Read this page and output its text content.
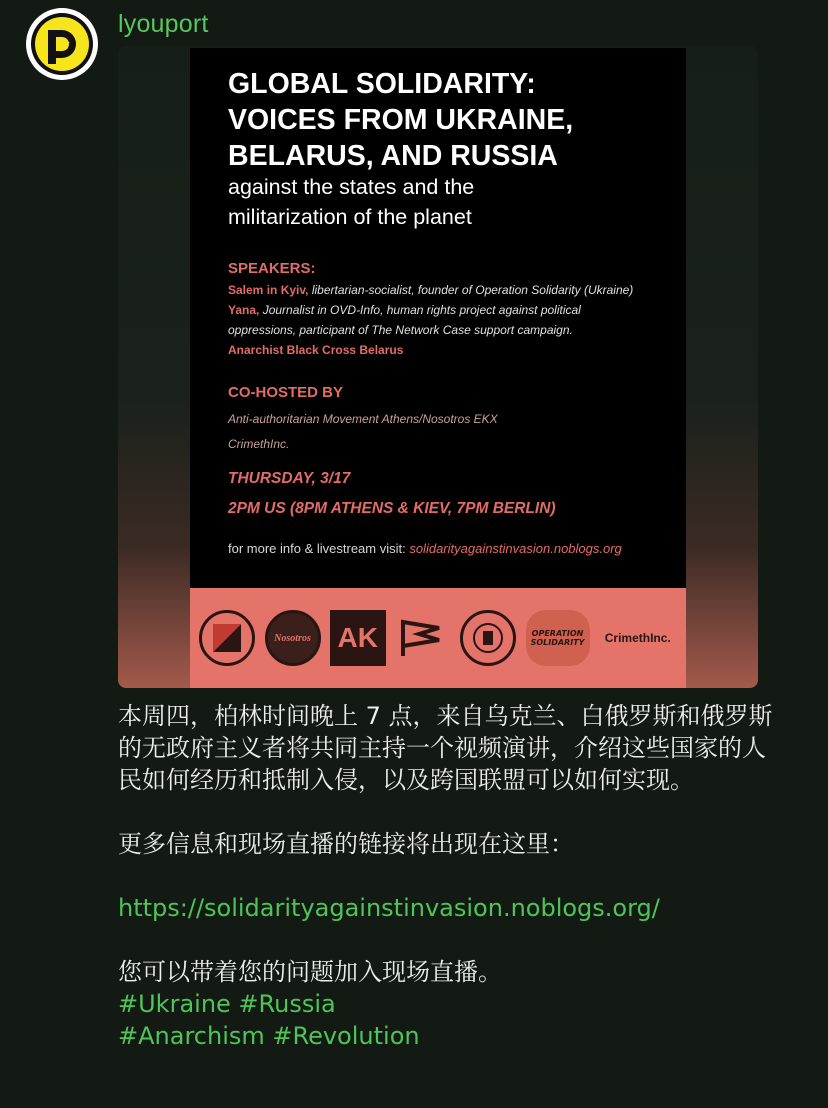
lyouport
GLOBAL SOLIDARITY:
VOICES FROM UKRAINE,
BELARUS, AND RUSSIA
against the states and the
militarization of the planet
SPEAKERS:
Salem in Kyiv, libertarian-socialist, founder of Operation Solidarity (Ukraine)
Yana, Journalist in OVD-Info, human rights project against political
oppressions, participant of The Network Case support campaign.
Anarchist Black Cross Belarus
CO-HOSTED BY
Anti-authoritarian Movement Athens/Nosotros EKX
CrimethInc.
THURSDAY, 3/17
2PM US (8PM ATHENS & KIEV, 7PM BERLIN)
for more info & livestream visit: solidarityagainstinvasion.noblogs.org
Nosotros AK	OPERATION
SOLIDARITY CrimethInc.
本周四，柏林时间晚上 7 点，来自乌克兰、白俄罗斯和俄罗斯的无政府主义者将共同主持一个视频演讲，介绍这些国家的人民如何经历和抵制入侵，以及跨国联盟可以如何实现。

更多信息和现场直播的链接将出现在这里：

https://solidarityagainstinvasion.noblogs.org/

您可以带着您的问题加入现场直播。
#Ukraine #Russia
#Anarchism #Revolution
